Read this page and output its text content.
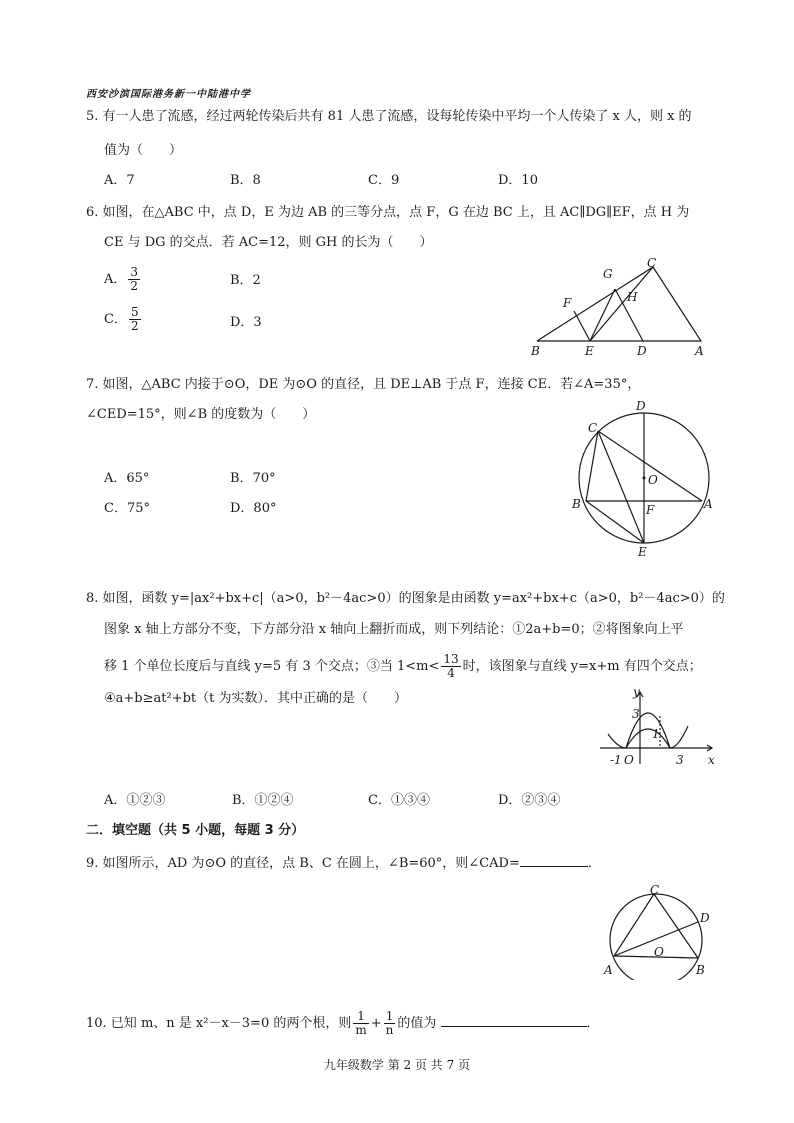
西安沙滨国际港务新一中陆港中学
5. 有一人患了流感，经过两轮传染后共有 81 人患了流感，设每轮传染中平均一个人传染了 x 人，则 x 的
值为（　　）
A．7	B．8	C．9	D．10
6. 如图，在△ABC 中，点 D，E 为边 AB 的三等分点，点 F，G 在边 BC 上，且 AC∥DG∥EF，点 H 为
CE 与 DG 的交点．若 AC=12，则 GH 的长为（　　）
A． $\frac{3}{2}$	B．2
C． $\frac{5}{2}$	D．3
C
G
H
F
B	E	D	A
7. 如图，△ABC 内接于⊙O，DE 为⊙O 的直径，且 DE⊥AB 于点 F，连接 CE．若∠A=35°，
∠CED=15°，则∠B 的度数为（　　）
A．65°	B．70°
C．75°	D．80°
D
C
O
B	A
F
E
8. 如图，函数 y=|ax²+bx+c|（a>0，b²－4ac>0）的图象是由函数 y=ax²+bx+c（a>0，b²－4ac>0）的
图象 x 轴上方部分不变，下方部分沿 x 轴向上翻折而成，则下列结论：①2a+b=0；②将图象向上平
移 1 个单位长度后与直线 y=5 有 3 个交点；③当 $1<m< \frac{13}{4}$ 时，该图象与直线 y=x+m 有四个交点；
④a+b≥at²+bt（t 为实数）．其中正确的是（　　）	y
x
3
1
-1 O	3
A．①②③	B．①②④	C．①③④	D．②③④
二．填空题（共 5 小题，每题 3 分）
9. 如图所示，AD 为⊙O 的直径，点 B、C 在圆上，∠B=60°，则∠CAD=	．
C
D
O
A	B
10. 已知 m、n 是 x²－x－3=0 的两个根，则 $\frac{1}{m} + \frac{1}{n}$ 的值为	．
九年级数学 第 2 页 共 7 页
